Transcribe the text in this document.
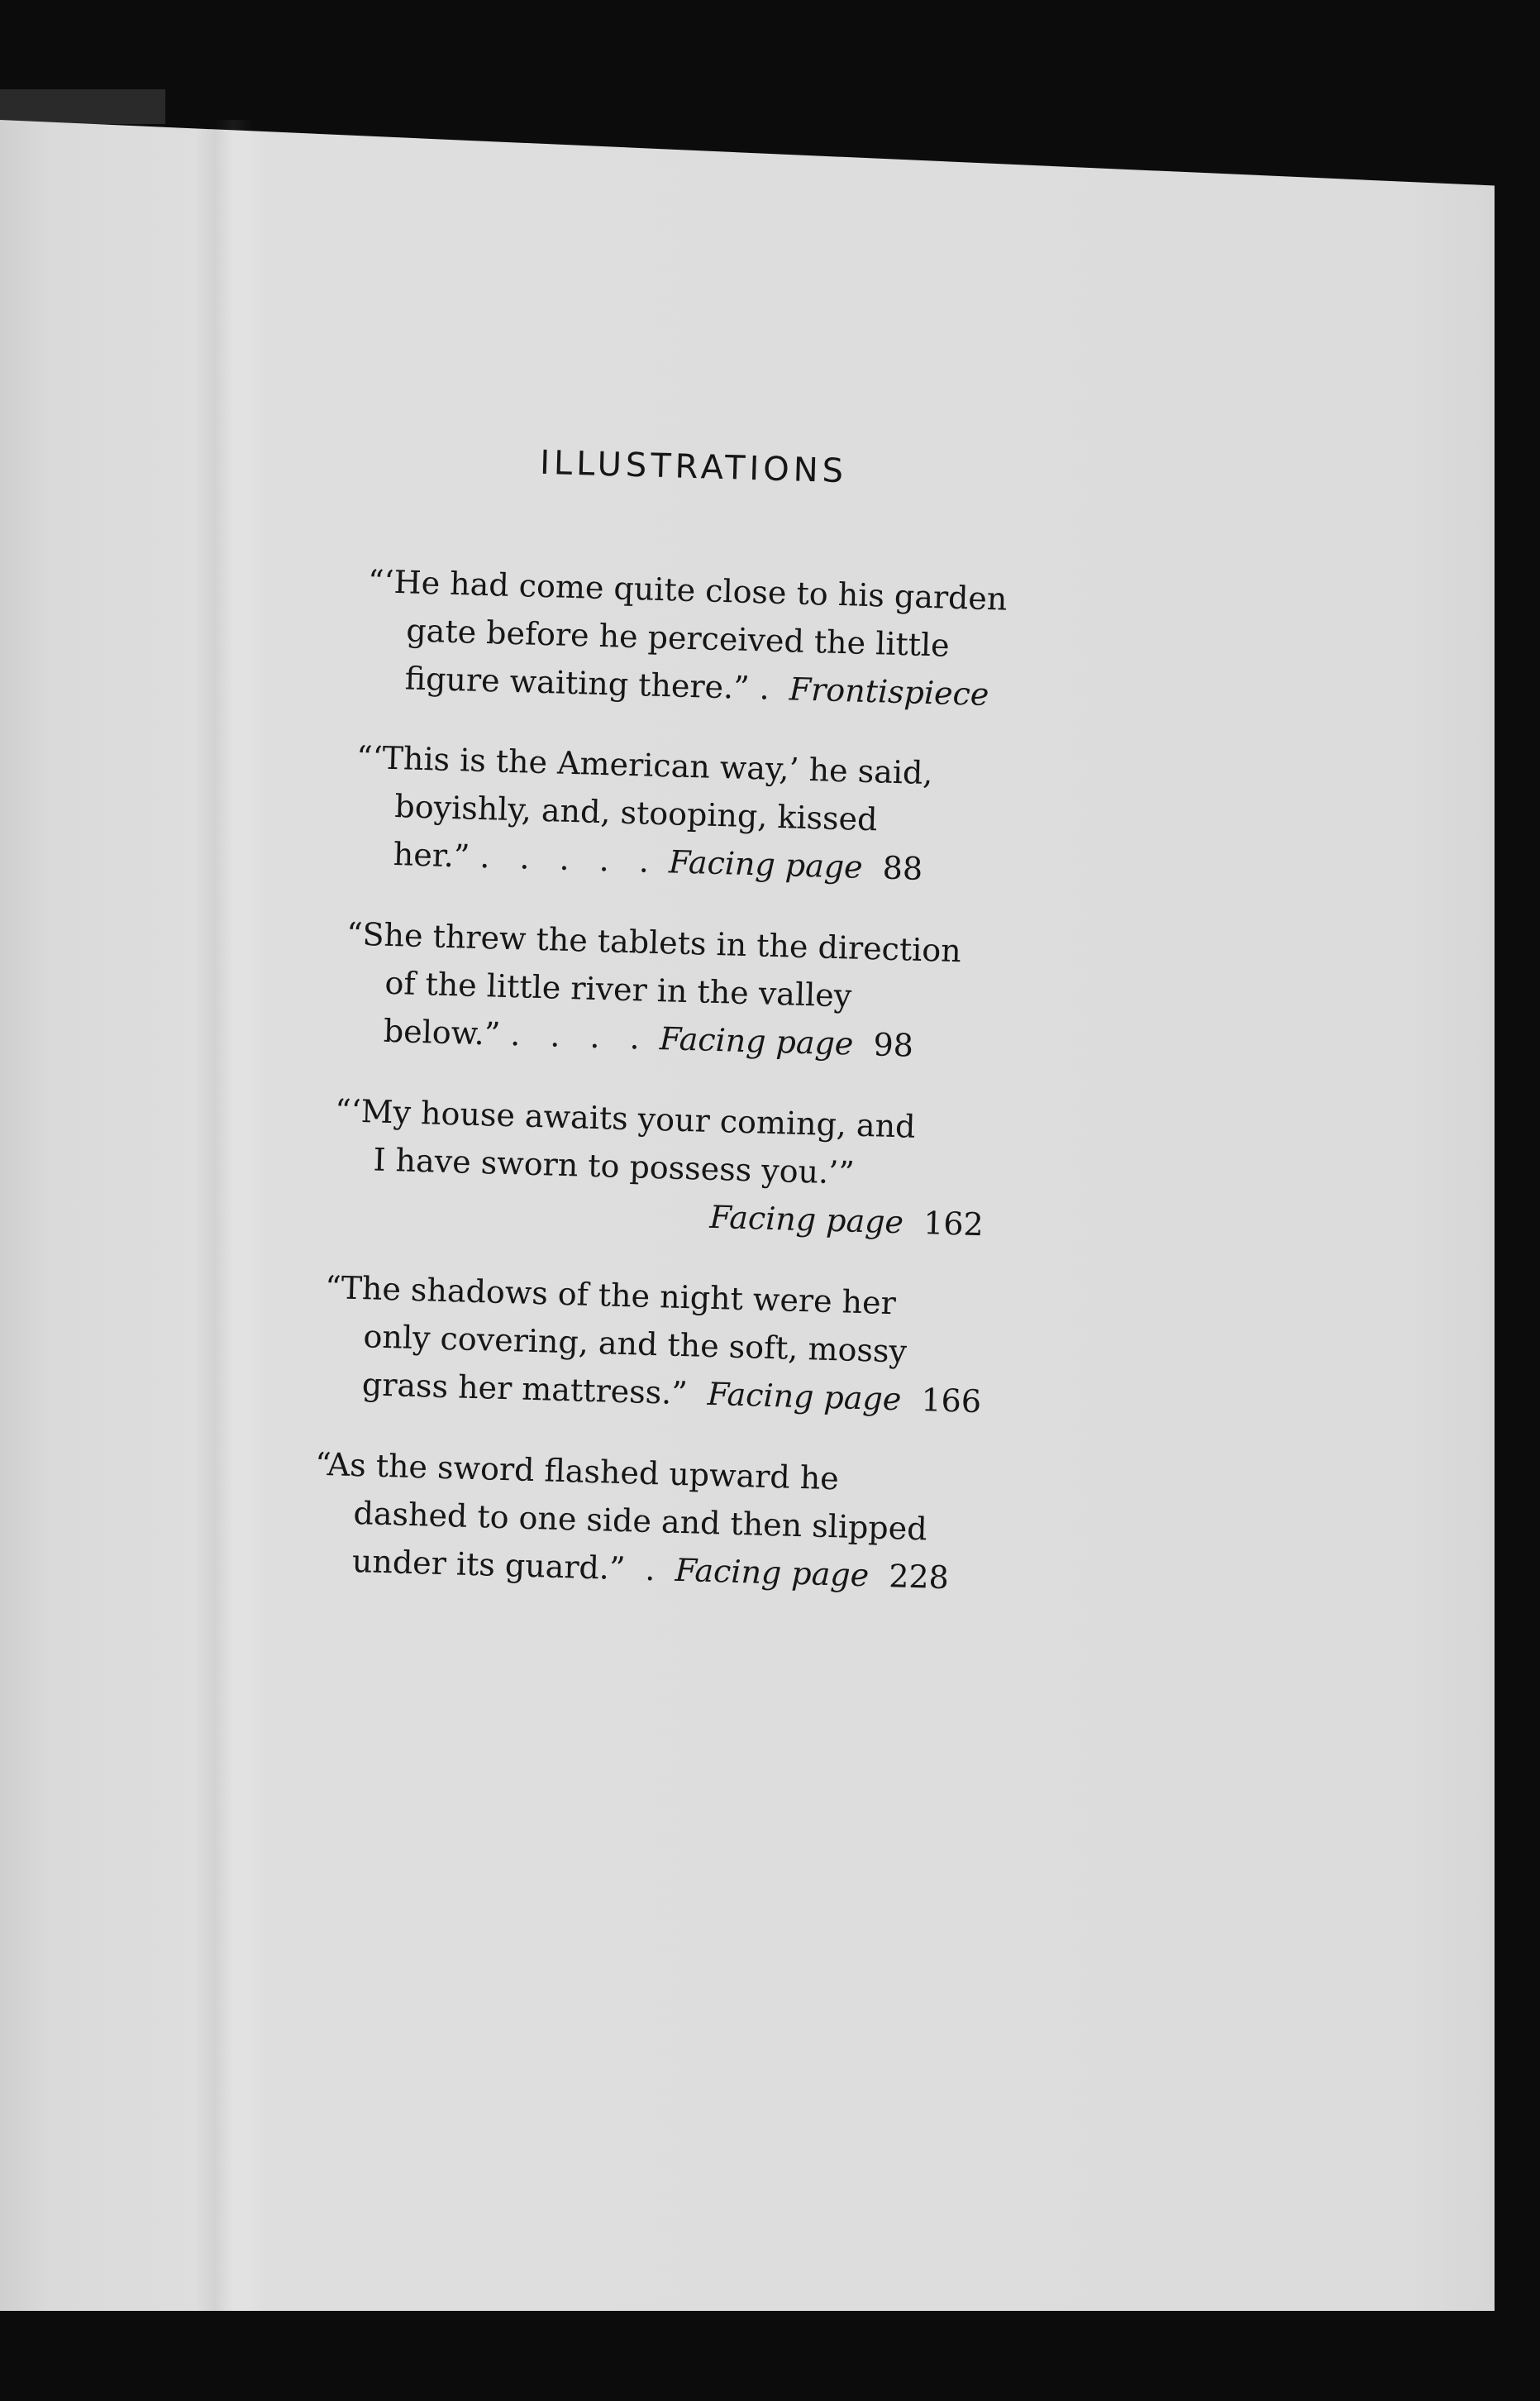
ILLUSTRATIONS
“‘He had come quite close to his garden
gate before he perceived the little
figure waiting there.” . Frontispiece
“‘This is the American way,’ he said,
boyishly, and, stooping, kissed
her.” . . . . . Facing page 88
“She threw the tablets in the direction
of the little river in the valley
below.” . . . . Facing page 98
“‘My house awaits your coming, and
I have sworn to possess you.’”
Facing page 162
“The shadows of the night were her
only covering, and the soft, mossy
grass her mattress.” Facing page 166
“As the sword flashed upward he
dashed to one side and then slipped
under its guard.” . Facing page 228
